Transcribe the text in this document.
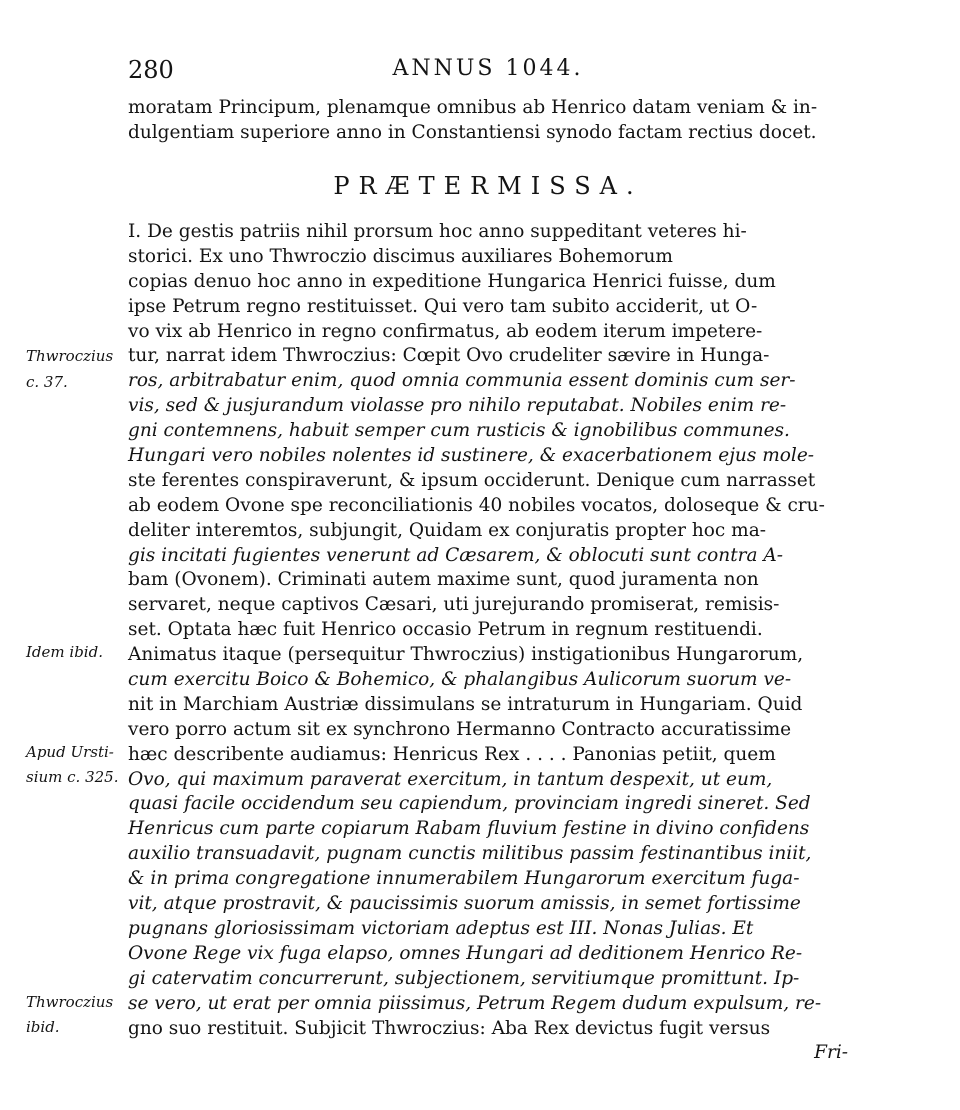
280	ANNUS 1044.
moratam Principum, plenamque omnibus ab Henrico datam veniam & in-
dulgentiam superiore anno in Constantiensi synodo factam rectius docet.
PRÆTERMISSA.
I. De gestis patriis nihil prorsum hoc anno suppeditant veteres hi-
storici. Ex uno Thwroczio discimus auxiliares Bohemorum
copias denuo hoc anno in expeditione Hungarica Henrici fuisse, dum
ipse Petrum regno restituisset. Qui vero tam subito acciderit, ut O-
vo vix ab Henrico in regno confirmatus, ab eodem iterum impetere-
tur, narrat idem Thwroczius: Cœpit Ovo crudeliter sævire in Hunga-
ros, arbitrabatur enim, quod omnia communia essent dominis cum ser-
vis, sed & jusjurandum violasse pro nihilo reputabat. Nobiles enim re-
gni contemnens, habuit semper cum rusticis & ignobilibus communes.
Hungari vero nobiles nolentes id sustinere, & exacerbationem ejus mole-
ste ferentes conspiraverunt, & ipsum occiderunt. Denique cum narrasset
ab eodem Ovone spe reconciliationis 40 nobiles vocatos, doloseque & cru-
deliter interemtos, subjungit, Quidam ex conjuratis propter hoc ma-
gis incitati fugientes venerunt ad Cæsarem, & oblocuti sunt contra A-
bam (Ovonem). Criminati autem maxime sunt, quod juramenta non
servaret, neque captivos Cæsari, uti jurejurando promiserat, remisis-
set. Optata hæc fuit Henrico occasio Petrum in regnum restituendi.
Animatus itaque (persequitur Thwroczius) instigationibus Hungarorum,
cum exercitu Boico & Bohemico, & phalangibus Aulicorum suorum ve-
nit in Marchiam Austriæ dissimulans se intraturum in Hungariam. Quid
vero porro actum sit ex synchrono Hermanno Contracto accuratissime
hæc describente audiamus: Henricus Rex . . . . Panonias petiit, quem
Ovo, qui maximum paraverat exercitum, in tantum despexit, ut eum,
quasi facile occidendum seu capiendum, provinciam ingredi sineret. Sed
Henricus cum parte copiarum Rabam fluvium festine in divino confidens
auxilio transuadavit, pugnam cunctis militibus passim festinantibus iniit,
& in prima congregatione innumerabilem Hungarorum exercitum fuga-
vit, atque prostravit, & paucissimis suorum amissis, in semet fortissime
pugnans gloriosissimam victoriam adeptus est III. Nonas Julias. Et
Ovone Rege vix fuga elapso, omnes Hungari ad deditionem Henrico Re-
gi catervatim concurrerunt, subjectionem, servitiumque promittunt. Ip-
se vero, ut erat per omnia piissimus, Petrum Regem dudum expulsum, re-
gno suo restituit. Subjicit Thwroczius: Aba Rex devictus fugit versus
Fri-
Thwroczius
c. 37.
Idem ibid.
Apud Ursti-
sium c. 325.
Thwroczius
ibid.
